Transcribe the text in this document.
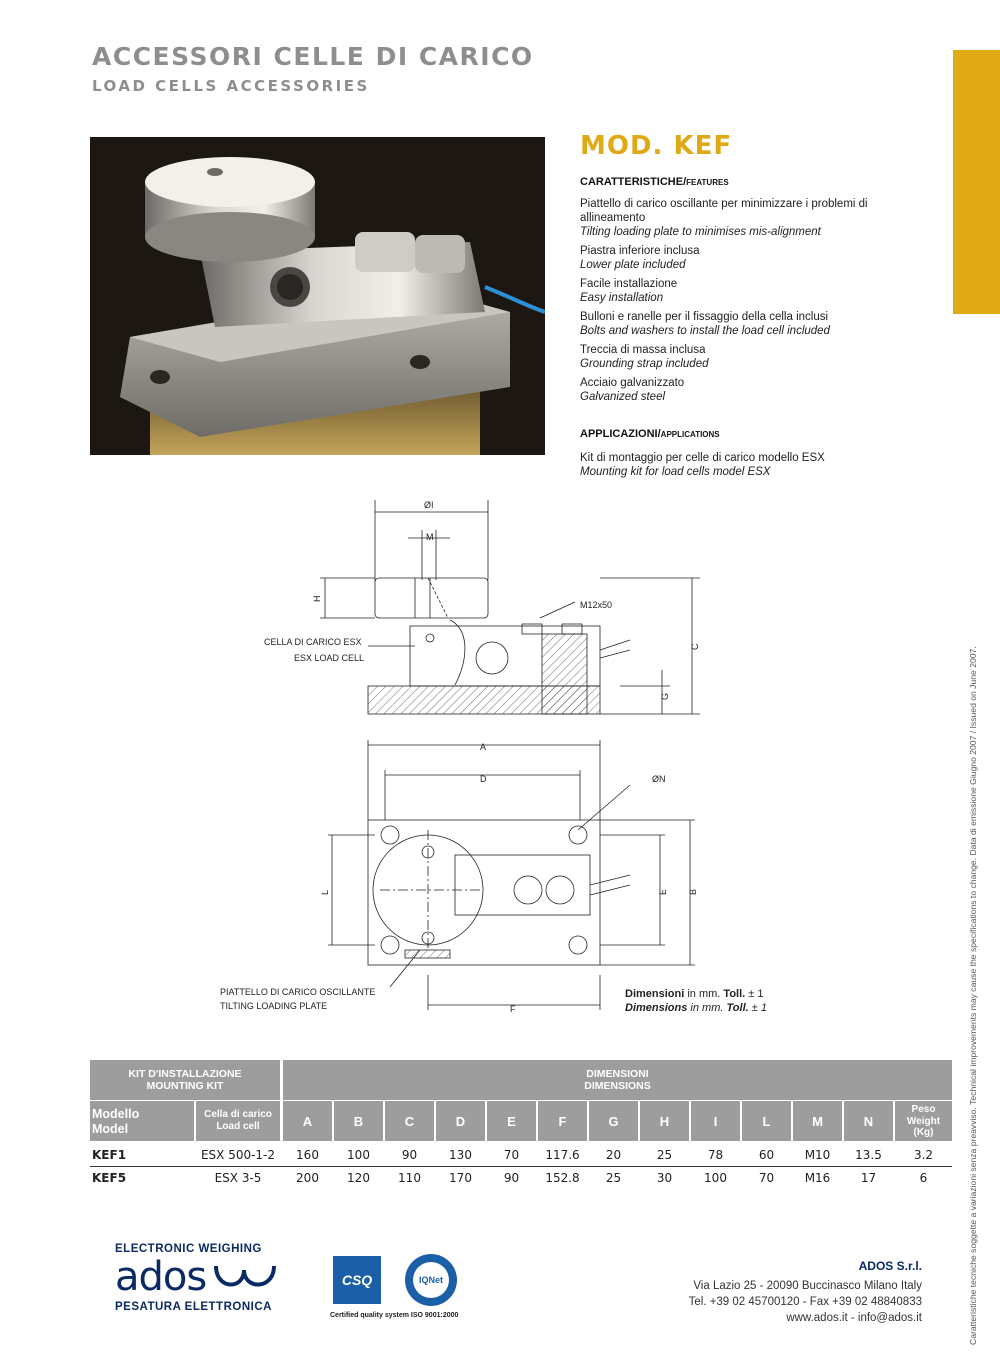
ACCESSORI CELLE DI CARICO
LOAD CELLS ACCESSORIES
Caratteristiche tecniche soggette a variazioni senza preavviso. Technical improvements may cause the specifications to change. Data di emissione Giugno 2007 / Issued on June 2007.
MOD. KEF
CARATTERISTICHE/FEATURES
Piattello di carico oscillante per minimizzare i problemi di allineamento
Tilting loading plate to minimises mis-alignment
Piastra inferiore inclusa
Lower plate included
Facile installazione
Easy installation
Bulloni e ranelle per il fissaggio della cella inclusi
Bolts and washers to install the load cell included
Treccia di massa inclusa
Grounding strap included
Acciaio galvanizzato
Galvanized steel
APPLICAZIONI/APPLICATIONS
Kit di montaggio per celle di carico modello ESX
Mounting kit for load cells model ESX
ØI
M
H
M12x50
C
G
CELLA DI CARICO ESX
ESX LOAD CELL
A
D	ØN
L	E B
F
PIATTELLO DI CARICO OSCILLANTE
TILTING LOADING PLATE
Dimensioni in mm. Toll. ± 1
Dimensions in mm. Toll. ± 1
KIT D'INSTALLAZIONE
MOUNTING KIT
DIMENSIONI
DIMENSIONS
Modello
Model
Cella di carico
Load cell	A	B	C	D	E	F	G	H	I	L	M	N
Peso
Weight
(Kg)
KEF1	ESX 500-1-2	160	100	90	130	70	117.6	20	25	78	60	M10	13.5	3.2
KEF5	ESX 3-5	200	120	110	170	90	152.8	25	30	100	70	M16	17	6
ELECTRONIC WEIGHING
ados
PESATURA ELETTRONICA
CSQ	IQNet
Certified quality system ISO 9001:2000
ADOS S.r.l.
Via Lazio 25 - 20090 Buccinasco Milano Italy
Tel. +39 02 45700120 - Fax +39 02 48840833
www.ados.it - info@ados.it
